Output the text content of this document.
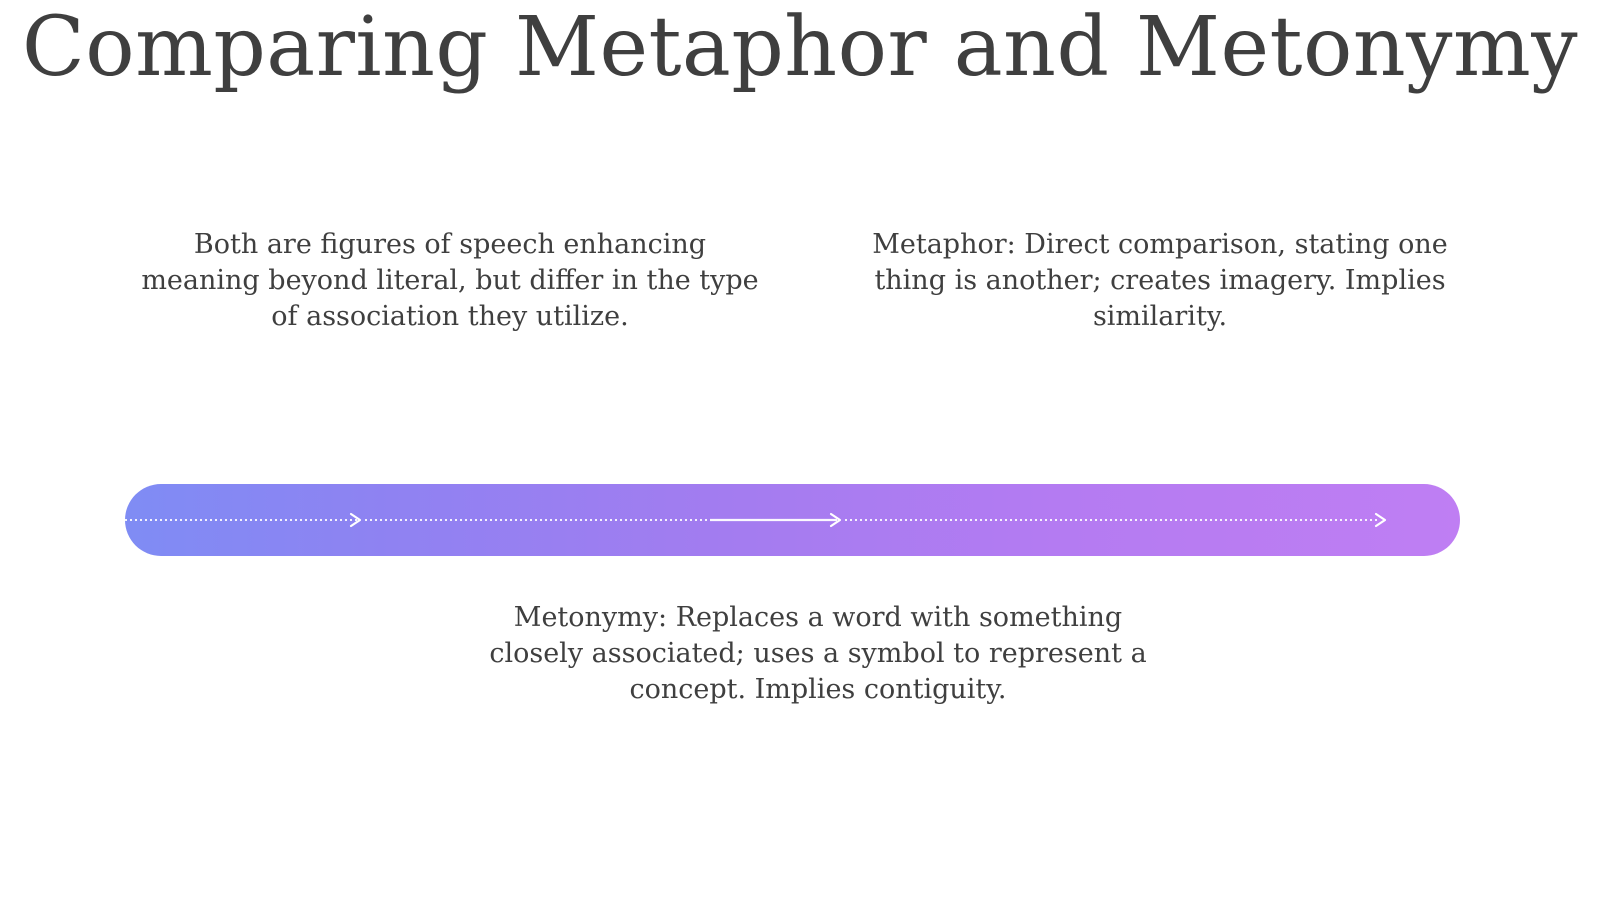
Comparing Metaphor and Metonymy

Both are figures of speech enhancing meaning beyond literal, but differ in the type of association they utilize.

Metaphor: Direct comparison, stating one thing is another; creates imagery. Implies similarity.

Metonymy: Replaces a word with something closely associated; uses a symbol to represent a concept. Implies contiguity.
